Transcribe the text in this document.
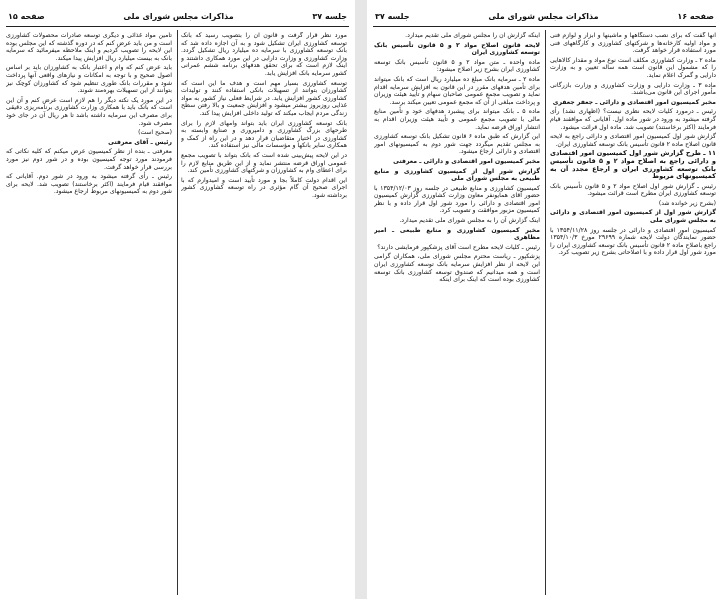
صفحه ۱۶
مذاکرات مجلس شورای ملی
جلسه ۳۷

آنها گفت که برای نصب دستگاهها و ماشینها و ابزار و لوازم فنی و مواد اولیه کارخانه‌ها و شرکتهای کشاورزی و کارگاههای فنی مورد استفاده قرار خواهد گرفت.

ماده ۲ ـ وزارت کشاورزی مکلف است نوع مواد و مقدار کالاهایی را که مشمول این قانون است همه ساله تعیین و به وزارت دارایی و گمرک اعلام نماید.

ماده ۳ ـ وزارت دارایی و وزارت کشاورزی و وزارت بازرگانی مأمور اجرای این قانون می‌باشند.

مخبر کمیسیون امور اقتصادی و دارائی ـ جعفر جعفری

رئیس ـ درمورد کلیات لایحه نظری نیست؟ (اظهاری نشد) رأی گرفته میشود به ورود در شور ماده اول. آقایانی که موافقند قیام فرمایند (اکثر برخاستند) تصویب شد. ماده اول قرائت میشود.

گزارش شور اول کمیسیون امور اقتصادی و دارائی راجع به لایحه قانون اصلاح ماده ۲ قانون تأسیس بانک توسعه کشاورزی ایران.

۱۱ ـ طرح گزارش شور اول کمیسیون امور اقتصادی و دارائی راجع به اصلاح مواد ۲ و ۵ قانون تأسیس بانک توسعه کشاورزی ایران و ارجاع مجدد آن به کمیسیونهای مربوط

رئیس ـ گزارش شور اول اصلاح مواد ۲ و ۵ قانون تأسیس بانک توسعه کشاورزی ایران مطرح است قرائت میشود.

(بشرح زیر خوانده شد)

گزارش شور اول از کمیسیون امور اقتصادی و دارائی به مجلس شورای ملی

کمیسیون امور اقتصادی و دارائی در جلسه روز ۱۳۵۴/۱۱/۲۸ با حضور نمایندگان دولت لایحه شماره ۲۹۶۹۹ مورخ ۱۳۵۴/۱۰/۳ راجع باصلاح ماده ۲ قانون تأسیس بانک توسعه کشاورزی ایران را مورد شور اول قرار داده و با اصلاحاتی بشرح زیر تصویب کرد.

اینکه گزارش آن را مجلس شورای ملی تقدیم میدارد.

لایحه قانون اصلاح مواد ۲ و ۵ قانون تأسیس بانک توسعه کشاورزی ایران

ماده واحده ـ متن مواد ۲ و ۵ قانون تأسیس بانک توسعه کشاورزی ایران بشرح زیر اصلاح میشود:

ماده ۲ ـ سرمایه بانک مبلغ ده میلیارد ریال است که بانک میتواند برای تأمین هدفهای مقرر در این قانون به افزایش سرمایه اقدام نماید و تصویب مجمع عمومی صاحبان سهام و تأیید هیئت وزیران و پرداخت مبلغی از آن که مجمع عمومی تعیین میکند برسد.

ماده ۵ ـ بانک میتواند برای پیشبرد هدفهای خود و تأمین منابع مالی با تصویب مجمع عمومی و تأیید هیئت وزیران اقدام به انتشار اوراق قرضه نماید.

این گزارش که طبق ماده ۶ قانون تشکیل بانک توسعه کشاورزی به مجلس تقدیم میگردد جهت شور دوم به کمیسیونهای امور اقتصادی و دارائی ارجاع میشود.

مخبر کمیسیون امور اقتصادی و دارائی ـ معرفتی

گزارش شور اول از کمیسیون کشاورزی و منابع طبیعی به مجلس شورای ملی

کمیسیون کشاورزی و منابع طبیعی در جلسه روز ۱۳۵۴/۱۲/۰۳ با حضور آقای همایونفر معاون وزارت کشاورزی گزارش کمیسیون امور اقتصادی و دارائی را مورد شور اول قرار داده و با نظر کمیسیون مزبور موافقت و تصویب کرد.

اینک گزارش آن را به مجلس شورای ملی تقدیم میدارد.

مخبر کمیسیون کشاورزی و منابع طبیعی ـ امیر مظاهری

رئیس ـ کلیات لایحه مطرح است آقای پزشکپور فرمایشی دارند؟

پزشکپور ـ ریاست محترم مجلس شورای ملی، همکاران گرامی این لایحه از نظر افزایش سرمایه بانک توسعه کشاورزی ایران است و همه میدانیم که صندوق توسعه کشاورزی بانک توسعه کشاورزی بوده است که اینک برای اینکه

جلسه ۳۷
مذاکرات مجلس شورای ملی
صفحه ۱۵

مورد نظر قرار گرفت و قانون آن را بتصویب رسید که بانک توسعه کشاورزی ایران تشکیل شود و به آن اجازه داده شد که بانک توسعه کشاورزی با سرمایه ده میلیارد ریال تشکیل گردد. وزارت کشاورزی و وزارت دارایی در این مورد همکاری داشتند و اینک لازم است که برای تحقق هدفهای برنامه ششم عمرانی کشور سرمایه بانک افزایش یابد.

توسعه کشاورزی بسیار مهم است و هدف ما این است که کشاورزان بتوانند از تسهیلات بانکی استفاده کنند و تولیدات کشاورزی کشور افزایش یابد. در شرایط فعلی نیاز کشور به مواد غذایی روزبروز بیشتر میشود و افزایش جمعیت و بالا رفتن سطح زندگی مردم ایجاب میکند که تولید داخلی افزایش پیدا کند.

بانک توسعه کشاورزی ایران باید بتواند وامهای لازم را برای طرحهای بزرگ کشاورزی و دامپروری و صنایع وابسته به کشاورزی در اختیار متقاضیان قرار دهد و در این راه از کمک و همکاری سایر بانکها و مؤسسات مالی نیز استفاده کند.

در این لایحه پیش‌بینی شده است که بانک بتواند با تصویب مجمع عمومی اوراق قرضه منتشر نماید و از این طریق منابع لازم را برای اعطای وام به کشاورزان و شرکتهای کشاورزی تأمین کند.

این اقدام دولت کاملاً بجا و مورد تأیید است و امیدوارم که با اجرای صحیح آن گام مؤثری در راه توسعه کشاورزی کشور برداشته شود.

تأمین مواد غذائی و دیگری توسعه صادرات محصولات کشاورزی است و من باید عرض کنم که در دوره گذشته که این مجلس بوده این لایحه را تصویب کردیم و اینک ملاحظه میفرمائید که سرمایه بانک به بیست میلیارد ریال افزایش پیدا میکند.

باید عرض کنم که وام و اعتبار بانک به کشاورزان باید بر اساس اصول صحیح و با توجه به امکانات و نیازهای واقعی آنها پرداخت شود و مقررات بانک طوری تنظیم شود که کشاورزان کوچک نیز بتوانند از این تسهیلات بهره‌مند شوند.

در این مورد یک نکته دیگر را هم لازم است عرض کنم و آن این است که بانک باید با همکاری وزارت کشاورزی برنامه‌ریزی دقیقی برای مصرف این سرمایه داشته باشد تا هر ریال آن در جای خود مصرف شود.

(صحیح است)

رئیس ـ آقای معرفتی

معرفتی ـ بنده از نظر کمیسیون عرض میکنم که کلیه نکاتی که فرمودند مورد توجه کمیسیون بوده و در شور دوم نیز مورد بررسی قرار خواهد گرفت.

رئیس ـ رأی گرفته میشود به ورود در شور دوم. آقایانی که موافقند قیام فرمایند (اکثر برخاستند) تصویب شد. لایحه برای شور دوم به کمیسیونهای مربوط ارجاع میشود.
